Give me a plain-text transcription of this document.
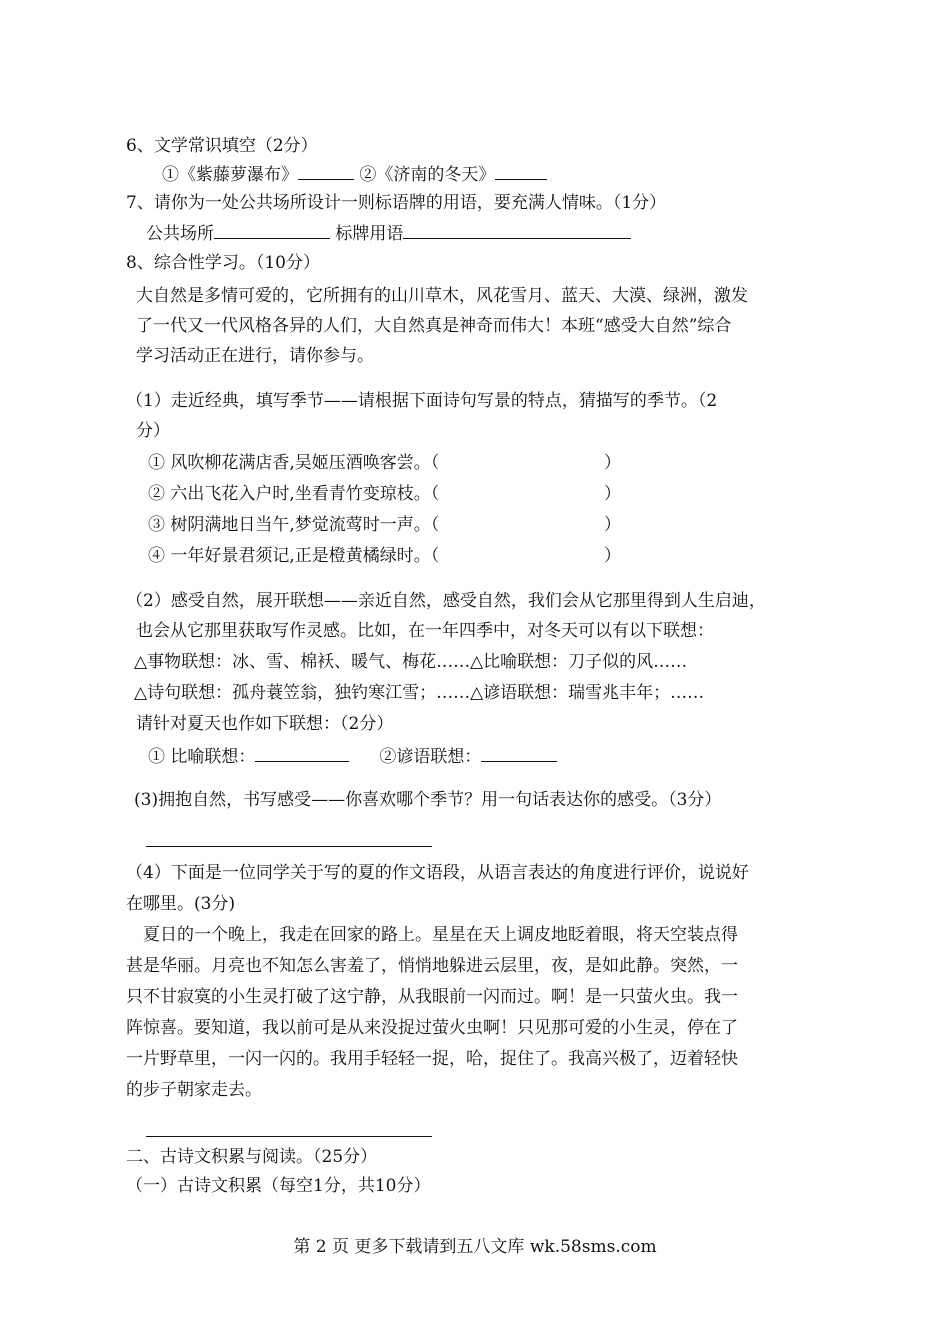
6、文学常识填空（2分）
①《紫藤萝瀑布》	②《济南的冬天》
7、请你为一处公共场所设计一则标语牌的用语，要充满人情味。（1分）
公共场所	标牌用语
8、综合性学习。（10分）
大自然是多情可爱的，它所拥有的山川草木，风花雪月、蓝天、大漠、绿洲，激发
了一代又一代风格各异的人们，大自然真是神奇而伟大！本班“感受大自然”综合
学习活动正在进行，请你参与。
（1）走近经典，填写季节——请根据下面诗句写景的特点，猜描写的季节。（2
分）
① 风吹柳花满店香,吴姬压酒唤客尝。（	）
② 六出飞花入户时,坐看青竹变琼枝。（	）
③ 树阴满地日当午,梦觉流莺时一声。（	）
④ 一年好景君须记,正是橙黄橘绿时。（	）
（2）感受自然，展开联想——亲近自然，感受自然，我们会从它那里得到人生启迪，
也会从它那里获取写作灵感。比如，在一年四季中，对冬天可以有以下联想：
△事物联想：冰、雪、棉袄、暖气、梅花……△比喻联想：刀子似的风……
△诗句联想：孤舟蓑笠翁，独钓寒江雪；……△谚语联想：瑞雪兆丰年；……
请针对夏天也作如下联想：（2分）
① 比喻联想：	②谚语联想：
(3)拥抱自然，书写感受——你喜欢哪个季节？用一句话表达你的感受。（3分）
（4）下面是一位同学关于写的夏的作文语段，从语言表达的角度进行评价，说说好
在哪里。(3分)
夏日的一个晚上，我走在回家的路上。星星在天上调皮地眨着眼，将天空装点得
甚是华丽。月亮也不知怎么害羞了，悄悄地躲进云层里，夜，是如此静。突然，一
只不甘寂寞的小生灵打破了这宁静，从我眼前一闪而过。啊！是一只萤火虫。我一
阵惊喜。要知道，我以前可是从来没捉过萤火虫啊！只见那可爱的小生灵，停在了
一片野草里，一闪一闪的。我用手轻轻一捉，哈，捉住了。我高兴极了，迈着轻快
的步子朝家走去。
二、古诗文积累与阅读。（25分）
（一）古诗文积累（每空1分，共10分）
第 2 页 更多下载请到五八文库 wk.58sms.com
